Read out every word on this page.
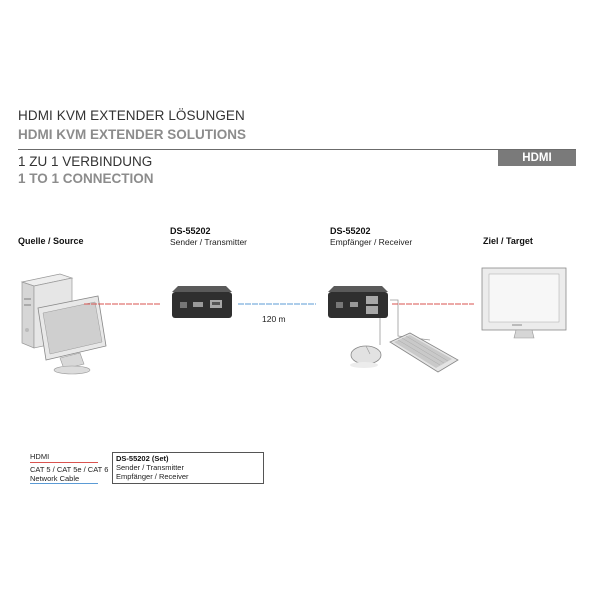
HDMI KVM EXTENDER LÖSUNGEN
HDMI KVM EXTENDER SOLUTIONS
HDMI
1 ZU 1 VERBINDUNG
1 TO 1 CONNECTION
Quelle / Source
DS-55202
Sender / Transmitter
DS-55202
Empfänger / Receiver	Ziel / Target
120 m
HDMI
CAT 5 / CAT 5e / CAT 6
Network Cable
DS-55202 (Set)
Sender / Transmitter
Empfänger / Receiver
